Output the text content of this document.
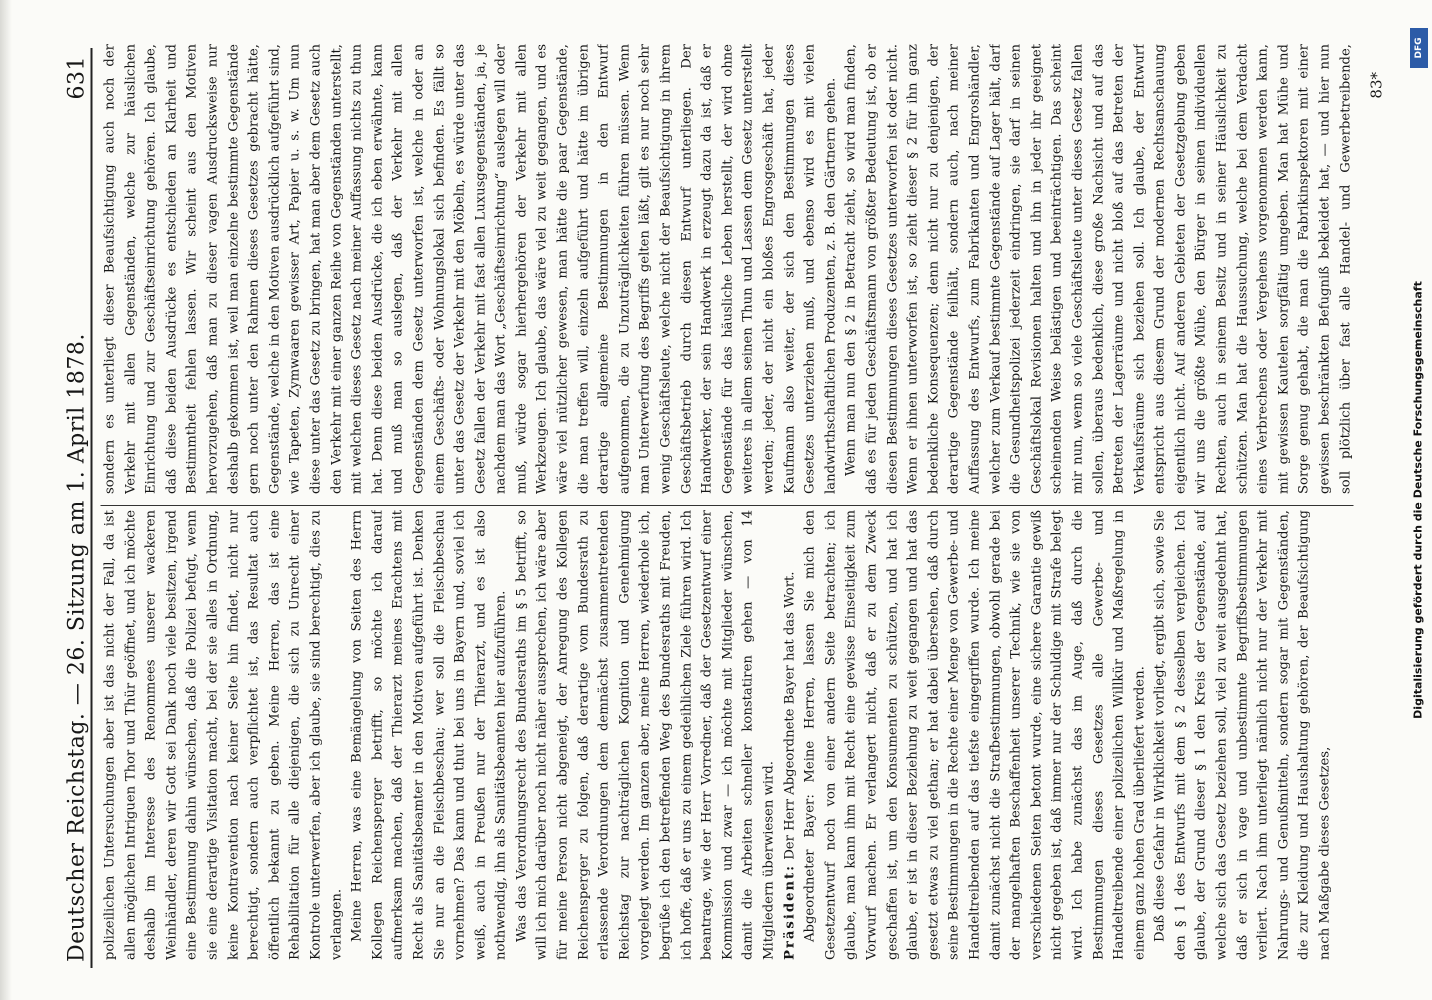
Deutscher Reichstag. — 26. Sitzung am 1. April 1878.
631

polizeilichen Untersuchungen aber ist das nicht der Fall, da ist allen möglichen Intriguen Thor und Thür geöffnet, und ich möchte deshalb im Interesse des Renommees unserer wackeren Weinhändler, deren wir Gott sei Dank noch viele besitzen, irgend eine Bestimmung dahin wünschen, daß die Polizei befugt, wenn sie eine derartige Visitation macht, bei der sie alles in Ordnung, keine Kontravention nach keiner Seite hin findet, nicht nur berechtigt, sondern auch verpflichtet ist, das Resultat auch öffentlich bekannt zu geben. Meine Herren, das ist eine Rehabilitation für alle diejenigen, die sich zu Unrecht einer Kontrole unterwerfen, aber ich glaube, sie sind berechtigt, dies zu verlangen. Meine Herren, was eine Bemängelung von Seiten des Herrn Kollegen Reichensperger betrifft, so möchte ich darauf aufmerksam machen, daß der Thierarzt meines Erachtens mit Recht als Sanitätsbeamter in den Motiven aufgeführt ist. Denken Sie nur an die Fleischbeschau; wer soll die Fleischbeschau vornehmen? Das kann und thut bei uns in Bayern und, soviel ich weiß, auch in Preußen nur der Thierarzt, und es ist also nothwendig, ihn als Sanitätsbeamten hier aufzuführen. Was das Verordnungsrecht des Bundesraths im § 5 betrifft, so will ich mich darüber noch nicht näher aussprechen, ich wäre aber für meine Person nicht abgeneigt, der Anregung des Kollegen Reichensperger zu folgen, daß derartige vom Bundesrath zu erlassende Verordnungen dem demnächst zusammentretenden Reichstag zur nachträglichen Kognition und Genehmigung vorgelegt werden. Im ganzen aber, meine Herren, wiederhole ich, begrüße ich den betreffenden Weg des Bundesraths mit Freuden, ich hoffe, daß er uns zu einem gedeihlichen Ziele führen wird. Ich beantrage, wie der Herr Vorredner, daß der Gesetzentwurf einer Kommission und zwar — ich möchte mit Mitglieder wünschen, damit die Arbeiten schneller konstatiren gehen — von 14 Mitgliedern überwiesen wird. Präsident: Der Herr Abgeordnete Bayer hat das Wort. Abgeordneter Bayer: Meine Herren, lassen Sie mich den Gesetzentwurf noch von einer andern Seite betrachten; ich glaube, man kann ihm mit Recht eine gewisse Einseitigkeit zum Vorwurf machen. Er verlangert nicht, daß er zu dem Zweck geschaffen ist, um den Konsumenten zu schützen, und hat ich glaube, er ist in dieser Beziehung zu weit gegangen und hat das gesetzt etwas zu viel gethan; er hat dabei übersehen, daß durch seine Bestimmungen in die Rechte einer Menge von Gewerbe- und Handeltreibenden auf das tiefste eingegriffen wurde. Ich meine damit zunächst nicht die Strafbestimmungen, obwohl gerade bei der mangelhaften Beschaffenheit unserer Technik, wie sie von verschiedenen Seiten betont wurde, eine sichere Garantie gewiß nicht gegeben ist, daß immer nur der Schuldige mit Strafe belegt wird. Ich habe zunächst das im Auge, daß durch die Bestimmungen dieses Gesetzes alle Gewerbe- und Handeltreibende einer polizeilichen Willkür und Maßregelung in einem ganz hohen Grad überliefert werden. Daß diese Gefahr in Wirklichkeit vorliegt, ergibt sich, sowie Sie den § 1 des Entwurfs mit dem § 2 desselben vergleichen. Ich glaube, der Grund dieser § 1 den Kreis der Gegenstände, auf welche sich das Gesetz beziehen soll, viel zu weit ausgedehnt hat, daß er sich in vage und unbestimmte Begriffsbestimmungen verliert. Nach ihm unterliegt nämlich nicht nur der Verkehr mit Nahrungs- und Genußmitteln, sondern sogar mit Gegenständen, die zur Kleidung und Haushaltung gehören, der Beaufsichtigung nach Maßgabe dieses Gesetzes,

sondern es unterliegt dieser Beaufsichtigung auch noch der Verkehr mit allen Gegenständen, welche zur häuslichen Einrichtung und zur Geschäftseinrichtung gehören. Ich glaube, daß diese beiden Ausdrücke es entschieden an Klarheit und Bestimmtheit fehlen lassen. Wir scheint aus den Motiven hervorzugehen, daß man zu dieser vagen Ausdrucksweise nur deshalb gekommen ist, weil man einzelne bestimmte Gegenstände gern noch unter den Rahmen dieses Gesetzes gebracht hätte, Gegenstände, welche in den Motiven ausdrücklich aufgeführt sind, wie Tapeten, Zymwaaren gewisser Art, Papier u. s. w. Um nun diese unter das Gesetz zu bringen, hat man aber dem Gesetz auch den Verkehr mit einer ganzen Reihe von Gegenständen unterstellt, mit welchen dieses Gesetz nach meiner Auffassung nichts zu thun hat. Denn diese beiden Ausdrücke, die ich eben erwähnte, kann und muß man so auslegen, daß der Verkehr mit allen Gegenständen dem Gesetz unterworfen ist, welche in oder an einem Geschäfts- oder Wohnungslokal sich befinden. Es fällt so unter das Gesetz der Verkehr mit den Möbeln, es würde unter das Gesetz fallen der Verkehr mit fast allen Luxusgegenständen, ja, je nachdem man das Wort „Geschäftseinrichtung“ auslegen will oder muß, würde sogar hierhergehören der Verkehr mit allen Werkzeugen. Ich glaube, das wäre viel zu weit gegangen, und es wäre viel nützlicher gewesen, man hätte die paar Gegenstände, die man treffen will, einzeln aufgeführt und hätte im übrigen derartige allgemeine Bestimmungen in den Entwurf aufgenommen, die zu Unzuträglichkeiten führen müssen. Wenn man Unterwerfung des Begriffs gelten läßt, gilt es nur noch sehr wenig Geschäftsleute, welche nicht der Beaufsichtigung in ihrem Geschäftsbetrieb durch diesen Entwurf unterliegen. Der Handwerker, der sein Handwerk in erzeugt dazu da ist, daß er Gegenstände für das häusliche Leben herstellt, der wird ohne weiteres in allem seinen Thun und Lassen dem Gesetz unterstellt werden; jeder, der nicht ein bloßes Engrosgeschäft hat, jeder Kaufmann also weiter, der sich den Bestimmungen dieses Gesetzes unterziehen muß, und ebenso wird es mit vielen landwirthschaftlichen Produzenten, z. B. den Gärtnern gehen. Wenn man nun den § 2 in Betracht zieht, so wird man finden, daß es für jeden Geschäftsmann von größter Bedeutung ist, ob er diesen Bestimmungen dieses Gesetzes unterworfen ist oder nicht. Wenn er ihnen unterworfen ist, so zieht dieser § 2 für ihn ganz bedenkliche Konsequenzen; denn nicht nur zu denjenigen, der derartige Gegenstände feilhält, sondern auch, nach meiner Auffassung des Entwurfs, zum Fabrikanten und Engroshändler, welcher zum Verkauf bestimmte Gegenstände auf Lager hält, darf die Gesundheitspolizei jederzeit eindringen, sie darf in seinen Geschäftslokal Revisionen halten und ihn in jeder ihr geeignet scheinenden Weise belästigen und beeinträchtigen. Das scheint mir nun, wenn so viele Geschäftsleute unter dieses Gesetz fallen sollen, überaus bedenklich, diese große Nachsicht und auf das Betreten der Lagerräume und nicht bloß auf das Betreten der Verkaufsräume sich beziehen soll. Ich glaube, der Entwurf entspricht aus diesem Grund der modernen Rechtsanschauung eigentlich nicht. Auf anderen Gebieten der Gesetzgebung geben wir uns die größte Mühe, den Bürger in seinen individuellen Rechten, auch in seinem Besitz und in seiner Häuslichkeit zu schützen. Man hat die Haussuchung, welche bei dem Verdacht eines Verbrechens oder Vergehens vorgenommen werden kann, mit gewissen Kautelen sorgfältig umgeben. Man hat Mühe und Sorge genug gehabt, die man die Fabrikinspektoren mit einer gewissen beschränkten Befugniß bekleidet hat, — und hier nun soll plötzlich über fast alle Handel- und Gewerbetreibende, 83*
DFG
Digitalisierung gefördert durch die Deutsche Forschungsgemeinschaft
